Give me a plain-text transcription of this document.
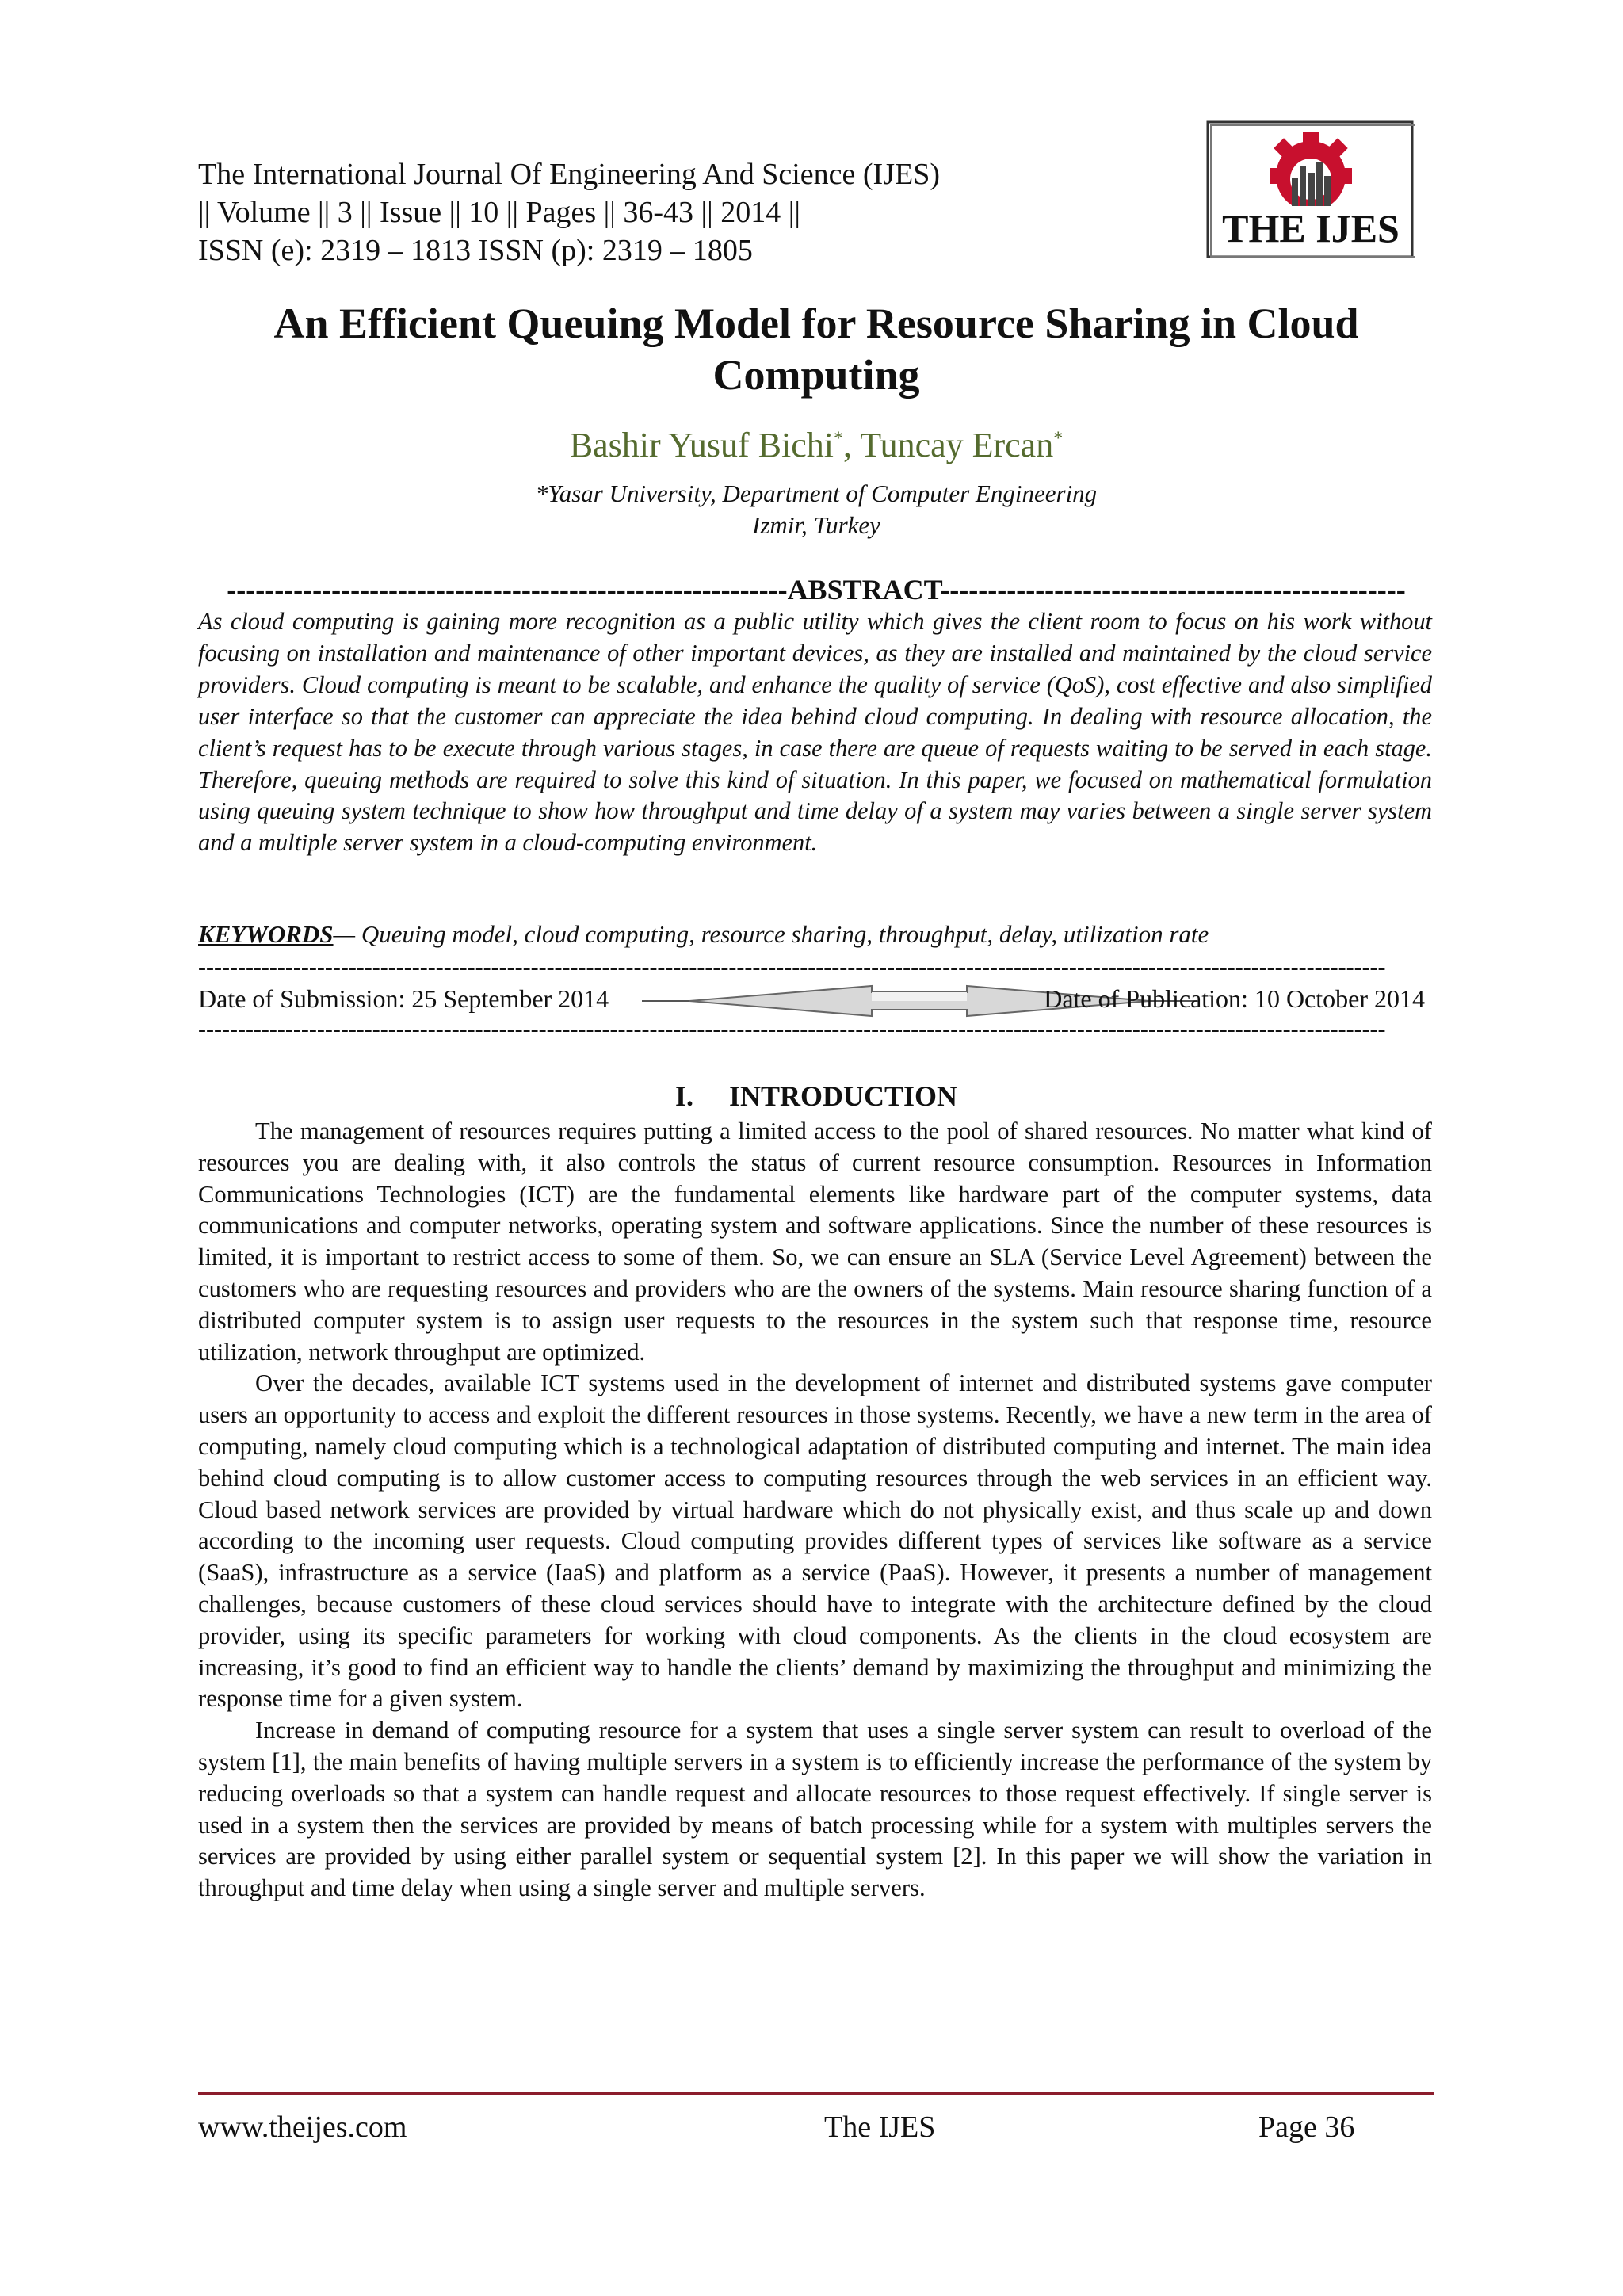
The International Journal Of Engineering And Science (IJES)
|| Volume || 3 || Issue || 10 || Pages || 36-43 || 2014 ||
ISSN (e): 2319 – 1813 ISSN (p): 2319 – 1805	THE IJES
An Efficient Queuing Model for Resource Sharing in Cloud Computing
Bashir Yusuf Bichi*, Tuncay Ercan*
*Yasar University, Department of Computer Engineering
Izmir, Turkey
-----------------------------------------------------------ABSTRACT-------------------------------------------------
As cloud computing is gaining more recognition as a public utility which gives the client room to focus on his work without focusing on installation and maintenance of other important devices, as they are installed and maintained by the cloud service providers. Cloud computing is meant to be scalable, and enhance the quality of service (QoS), cost effective and also simplified user interface so that the customer can appreciate the idea behind cloud computing. In dealing with resource allocation, the client’s request has to be execute through various stages, in case there are queue of requests waiting to be served in each stage. Therefore, queuing methods are required to solve this kind of situation. In this paper, we focused on mathematical formulation using queuing system technique to show how throughput and time delay of a system may varies between a single server system and a multiple server system in a cloud-computing environment.
KEYWORDS— Queuing model, cloud computing, resource sharing, throughput, delay, utilization rate
------------------------------------------------------------------------------------------------------------------------------------------------------
Date of Submission: 25 September 2014	Date of Publication: 10 October 2014
------------------------------------------------------------------------------------------------------------------------------------------------------
I.     INTRODUCTION

The management of resources requires putting a limited access to the pool of shared resources. No matter what kind of resources you are dealing with, it also controls the status of current resource consumption. Resources in Information Communications Technologies (ICT) are the fundamental elements like hardware part of the computer systems, data communications and computer networks, operating system and software applications. Since the number of these resources is limited, it is important to restrict access to some of them. So, we can ensure an SLA (Service Level Agreement) between the customers who are requesting resources and providers who are the owners of the systems. Main resource sharing function of a distributed computer system is to assign user requests to the resources in the system such that response time, resource utilization, network throughput are optimized.

Over the decades, available ICT systems used in the development of internet and distributed systems gave computer users an opportunity to access and exploit the different resources in those systems. Recently, we have a new term in the area of computing, namely cloud computing which is a technological adaptation of distributed computing and internet. The main idea behind cloud computing is to allow customer access to computing resources through the web services in an efficient way. Cloud based network services are provided by virtual hardware which do not physically exist, and thus scale up and down according to the incoming user requests. Cloud computing provides different types of services like software as a service (SaaS), infrastructure as a service (IaaS) and platform as a service (PaaS). However, it presents a number of management challenges, because customers of these cloud services should have to integrate with the architecture defined by the cloud provider, using its specific parameters for working with cloud components. As the clients in the cloud ecosystem are increasing, it’s good to find an efficient way to handle the clients’ demand by maximizing the throughput and minimizing the response time for a given system.

Increase in demand of computing resource for a system that uses a single server system can result to overload of the system [1], the main benefits of having multiple servers in a system is to efficiently increase the performance of the system by reducing overloads so that a system can handle request and allocate resources to those request effectively. If single server is used in a system then the services are provided by means of batch processing while for a system with multiples servers the services are provided by using either parallel system or sequential system [2]. In this paper we will show the variation in throughput and time delay when using a single server and multiple servers.

www.theijes.com	The IJES	Page 36
